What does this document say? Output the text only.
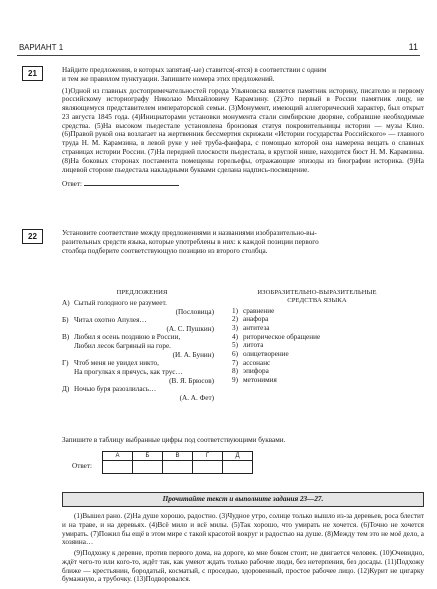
ВАРИАНТ 1	11
21	Найдите предложения, в которых запятая(-ые) ставится(-ятся) в соответствии с одним
и тем же правилом пунктуации. Запишите номера этих предложений.

(1)Одной из главных достопримечательностей города Ульяновска является памятник историку, писателю и первому российскому историографу Николаю Михайловичу Карамзину. (2)Это первый в России памятник лицу, не являющемуся представителем императорской семьи. (3)Монумент, имеющий аллегорический характер, был открыт 23 августа 1845 года. (4)Инициаторами установки монумента стали симбирские дворяне, собравшие необходимые средства. (5)На высоком пьедестале установлена бронзовая статуя покровительницы истории — музы Клио. (6)Правой рукой она возлагает на жертвенник бессмертия скрижали «Истории государства Российского» — главного труда Н. М. Карамзина, в левой руке у неё труба-фанфара, с помощью которой она намерена вещать о славных страницах истории России. (7)На передней плоскости пьедестала, в круглой нише, находится бюст Н. М. Карамзина. (8)На боковых сторонах постамента помещены горельефы, отражающие эпизоды из биографии историка. (9)На лицевой стороне пьедестала накладными буквами сделана надпись-посвящение.

Ответ:
22	Установите соответствие между предложениями и названиями изобразительно-вы-
разительных средств языка, которые употреблены в них: к каждой позиции первого
столбца подберите соответствующую позицию из второго столбца.
ПРЕДЛОЖЕНИЯ
А) Сытый голодного не разумеет.
(Пословица)
Б) Читал охотно Апулея…
(А. С. Пушкин)
В) Любил я осень позднюю в России,
Любил лесок багряный на горе.
(И. А. Бунин)
Г) Чтоб меня не увидел никто,
На прогулках я прячусь, как труc…
(В. Я. Брюсов)
Д) Ночью буря разозлилась…
(А. А. Фет)
ИЗОБРАЗИТЕЛЬНО-ВЫРАЗИТЕЛЬНЫЕ
СРЕДСТВА ЯЗЫКА
1) сравнение
2) анафора
3) антитеза
4) риторическое обращение
5) литота
6) олицетворение
7) ассонанс
8) эпифора
9) метонимия
Запишите в таблицу выбранные цифры под соответствующими буквами.
Ответ:
А	Б	В	Г	Д

Прочитайте текст и выполните задания 23—27.

(1)Вышел рано. (2)На душе хорошо, радостно. (3)Чудное утро, солнце только вышло из-за деревьев, роса блестит и на траве, и на деревьях. (4)Всё мило и всё милы. (5)Так хорошо, что умирать не хочется. (6)Точно не хочется умирать. (7)Пожил бы ещё в этом мире с такой красотой вокруг и радостью на душе. (8)Между тем это не моё дело, а хозяина…

(9)Подхожу к деревне, против первого дома, на дороге, ко мне боком стоит, не двигается человек. (10)Очевидно, ждёт чего-то или кого-то, ждёт так, как умеют ждать только рабочие люди, без нетерпения, без досады. (11)Подхожу ближе — крестьянин, бородатый, косматый, с проседью, здоровенный, простое рабочее лицо. (12)Курит не цигарку бумажную, а трубочку. (13)Подворовался.
